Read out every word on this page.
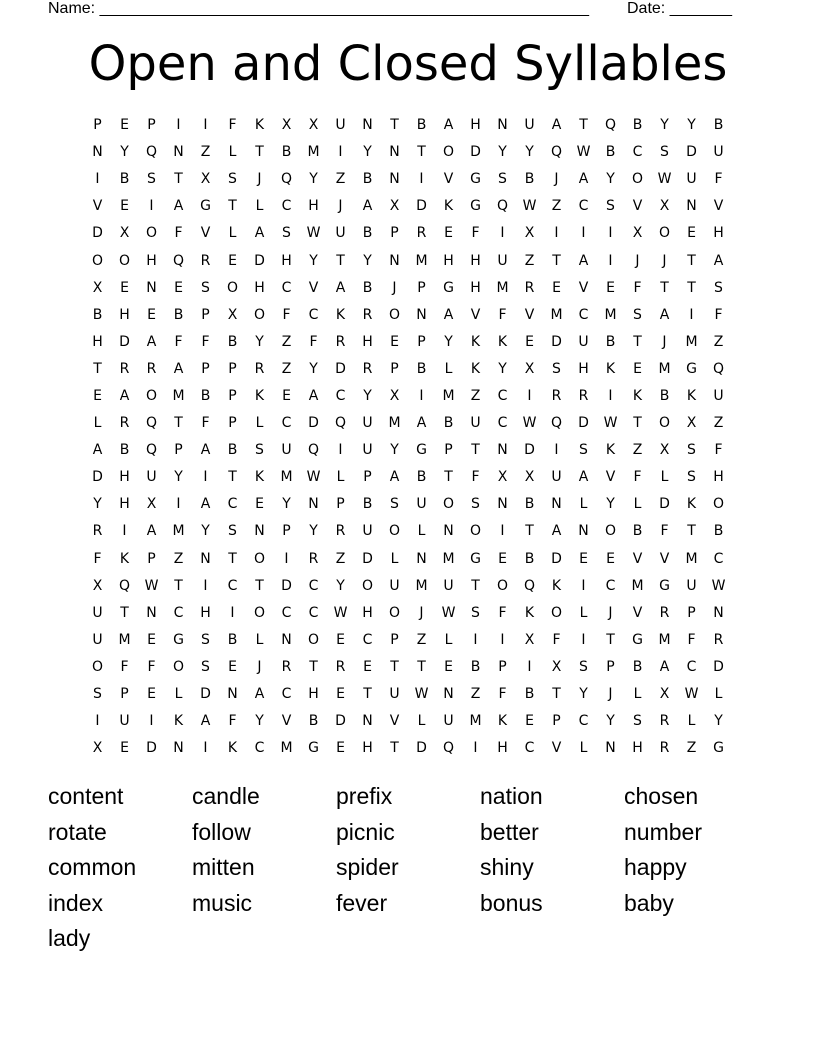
Name: _______________________________________________________ Date: _______
Open and Closed Syllables
P	E	P	I	I	F	K	X	X	U	N	T	B	A	H	N	U	A	T	Q	B	Y	Y	B
N	Y	Q	N	Z	L	T	B	M	I	Y	N	T	O	D	Y	Y	Q	W	B	C	S	D	U
I	B	S	T	X	S	J	Q	Y	Z	B	N	I	V	G	S	B	J	A	Y	O	W	U	F
V	E	I	A	G	T	L	C	H	J	A	X	D	K	G	Q	W	Z	C	S	V	X	N	V
D	X	O	F	V	L	A	S	W	U	B	P	R	E	F	I	X	I	I	I	X	O	E	H
O	O	H	Q	R	E	D	H	Y	T	Y	N	M	H	H	U	Z	T	A	I	J	J	T	A
X	E	N	E	S	O	H	C	V	A	B	J	P	G	H	M	R	E	V	E	F	T	T	S
B	H	E	B	P	X	O	F	C	K	R	O	N	A	V	F	V	M	C	M	S	A	I	F
H	D	A	F	F	B	Y	Z	F	R	H	E	P	Y	K	K	E	D	U	B	T	J	M	Z
T	R	R	A	P	P	R	Z	Y	D	R	P	B	L	K	Y	X	S	H	K	E	M	G	Q
E	A	O	M	B	P	K	E	A	C	Y	X	I	M	Z	C	I	R	R	I	K	B	K	U
L	R	Q	T	F	P	L	C	D	Q	U	M	A	B	U	C	W	Q	D	W	T	O	X	Z
A	B	Q	P	A	B	S	U	Q	I	U	Y	G	P	T	N	D	I	S	K	Z	X	S	F
D	H	U	Y	I	T	K	M	W	L	P	A	B	T	F	X	X	U	A	V	F	L	S	H
Y	H	X	I	A	C	E	Y	N	P	B	S	U	O	S	N	B	N	L	Y	L	D	K	O
R	I	A	M	Y	S	N	P	Y	R	U	O	L	N	O	I	T	A	N	O	B	F	T	B
F	K	P	Z	N	T	O	I	R	Z	D	L	N	M	G	E	B	D	E	E	V	V	M	C
X	Q	W	T	I	C	T	D	C	Y	O	U	M	U	T	O	Q	K	I	C	M	G	U	W
U	T	N	C	H	I	O	C	C	W	H	O	J	W	S	F	K	O	L	J	V	R	P	N
U	M	E	G	S	B	L	N	O	E	C	P	Z	L	I	I	X	F	I	T	G	M	F	R
O	F	F	O	S	E	J	R	T	R	E	T	T	E	B	P	I	X	S	P	B	A	C	D
S	P	E	L	D	N	A	C	H	E	T	U	W	N	Z	F	B	T	Y	J	L	X	W	L
I	U	I	K	A	F	Y	V	B	D	N	V	L	U	M	K	E	P	C	Y	S	R	L	Y
X	E	D	N	I	K	C	M	G	E	H	T	D	Q	I	H	C	V	L	N	H	R	Z	G
content	candle	prefix	nation	chosen
rotate	follow	picnic	better	number
common	mitten	spider	shiny	happy
index	music	fever	bonus	baby
lady
